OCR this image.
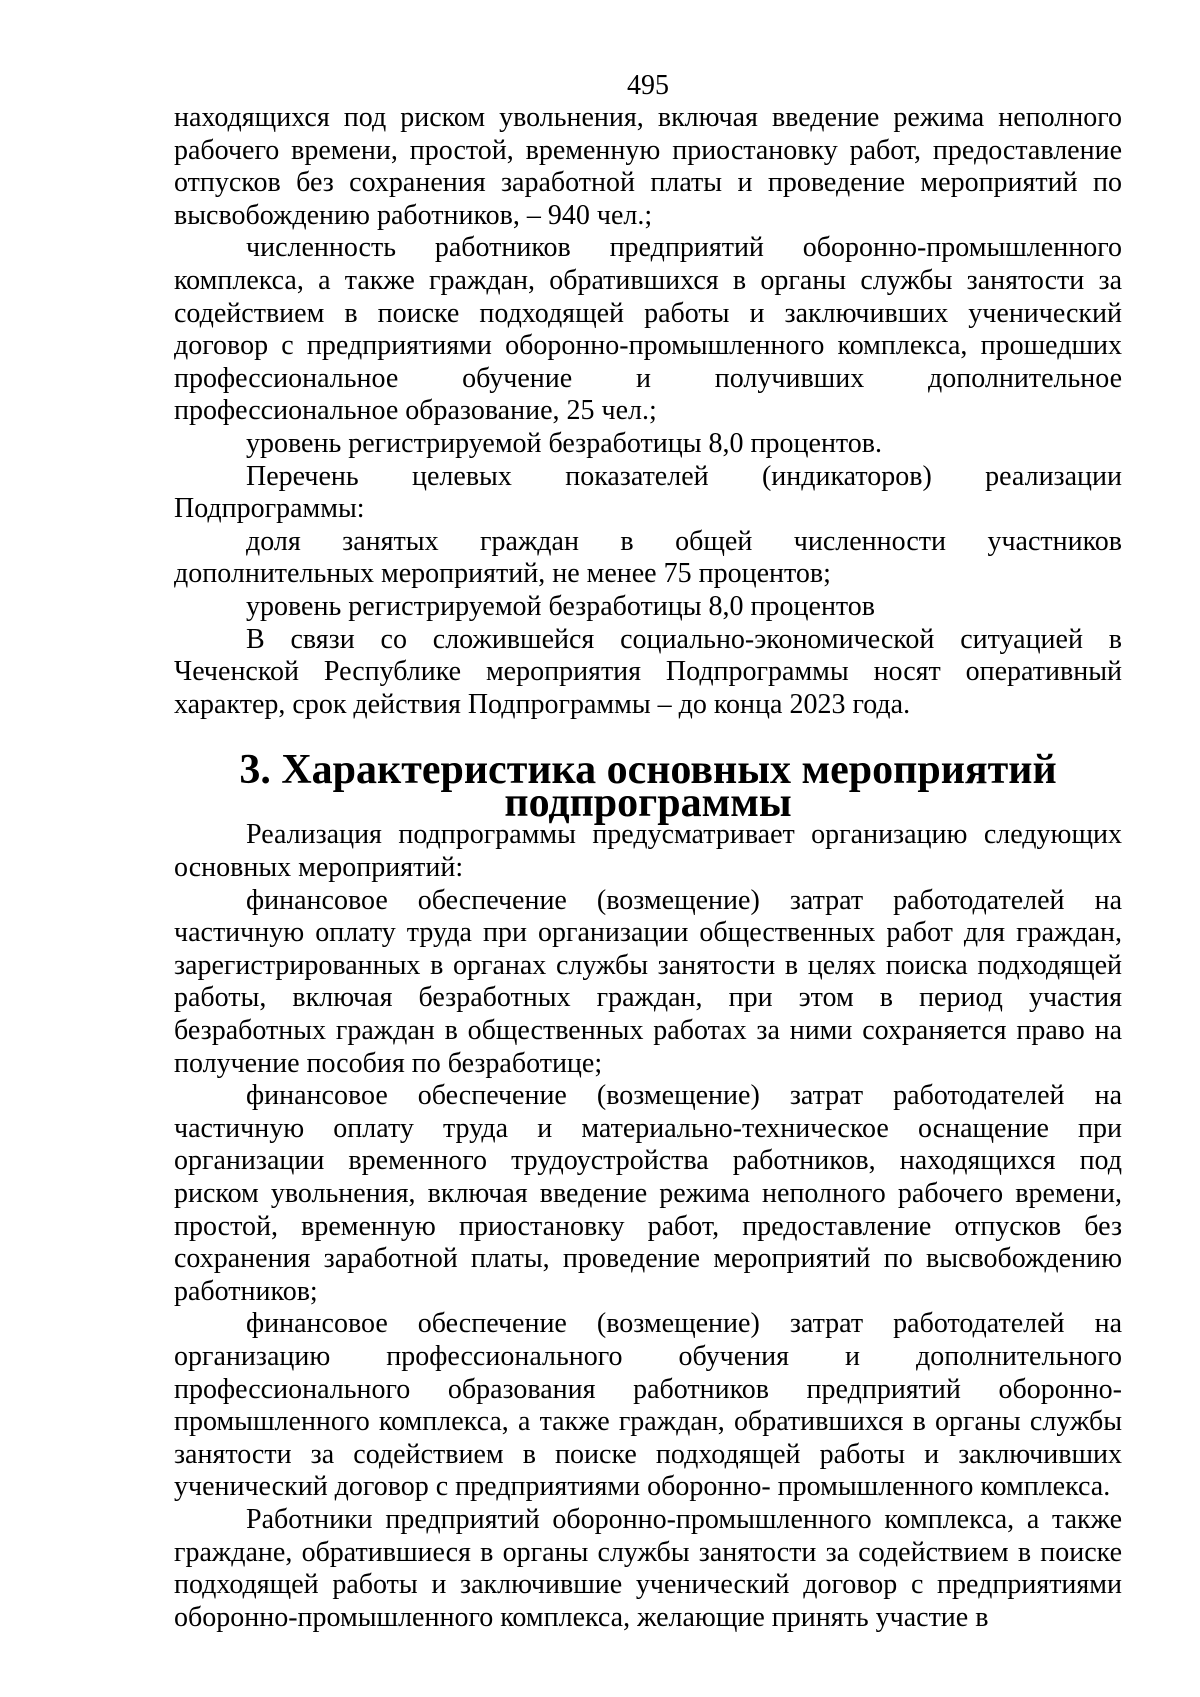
495

находящихся под риском увольнения, включая введение режима неполного рабочего времени, простой, временную приостановку работ, предоставление отпусков без сохранения заработной платы и проведение мероприятий по высвобождению работников, – 940 чел.;

численность работников предприятий оборонно-промышленного комплекса, а также граждан, обратившихся в органы службы занятости за содействием в поиске подходящей работы и заключивших ученический договор с предприятиями оборонно-промышленного комплекса, прошедших профессиональное обучение и получивших дополнительное профессиональное образование, 25 чел.;

уровень регистрируемой безработицы 8,0 процентов.

Перечень целевых показателей (индикаторов) реализации Подпрограммы:

доля занятых граждан в общей численности участников дополнительных мероприятий, не менее 75 процентов;

уровень регистрируемой безработицы 8,0 процентов

В связи со сложившейся социально-экономической ситуацией в Чеченской Республике мероприятия Подпрограммы носят оперативный характер, срок действия Подпрограммы – до конца 2023 года.

3. Характеристика основных мероприятий подпрограммы

Реализация подпрограммы предусматривает организацию следующих основных мероприятий:

финансовое обеспечение (возмещение) затрат работодателей на частичную оплату труда при организации общественных работ для граждан, зарегистрированных в органах службы занятости в целях поиска подходящей работы, включая безработных граждан, при этом в период участия безработных граждан в общественных работах за ними сохраняется право на получение пособия по безработице;

финансовое обеспечение (возмещение) затрат работодателей на частичную оплату труда и материально-техническое оснащение при организации временного трудоустройства работников, находящихся под риском увольнения, включая введение режима неполного рабочего времени, простой, временную приостановку работ, предоставление отпусков без сохранения заработной платы, проведение мероприятий по высвобождению работников;

финансовое обеспечение (возмещение) затрат работодателей на организацию профессионального обучения и дополнительного профессионального образования работников предприятий оборонно-промышленного комплекса, а также граждан, обратившихся в органы службы занятости за содействием в поиске подходящей работы и заключивших ученический договор с предприятиями оборонно- промышленного комплекса.

Работники предприятий оборонно-промышленного комплекса, а также граждане, обратившиеся в органы службы занятости за содействием в поиске подходящей работы и заключившие ученический договор с предприятиями оборонно-промышленного комплекса, желающие принять участие в
